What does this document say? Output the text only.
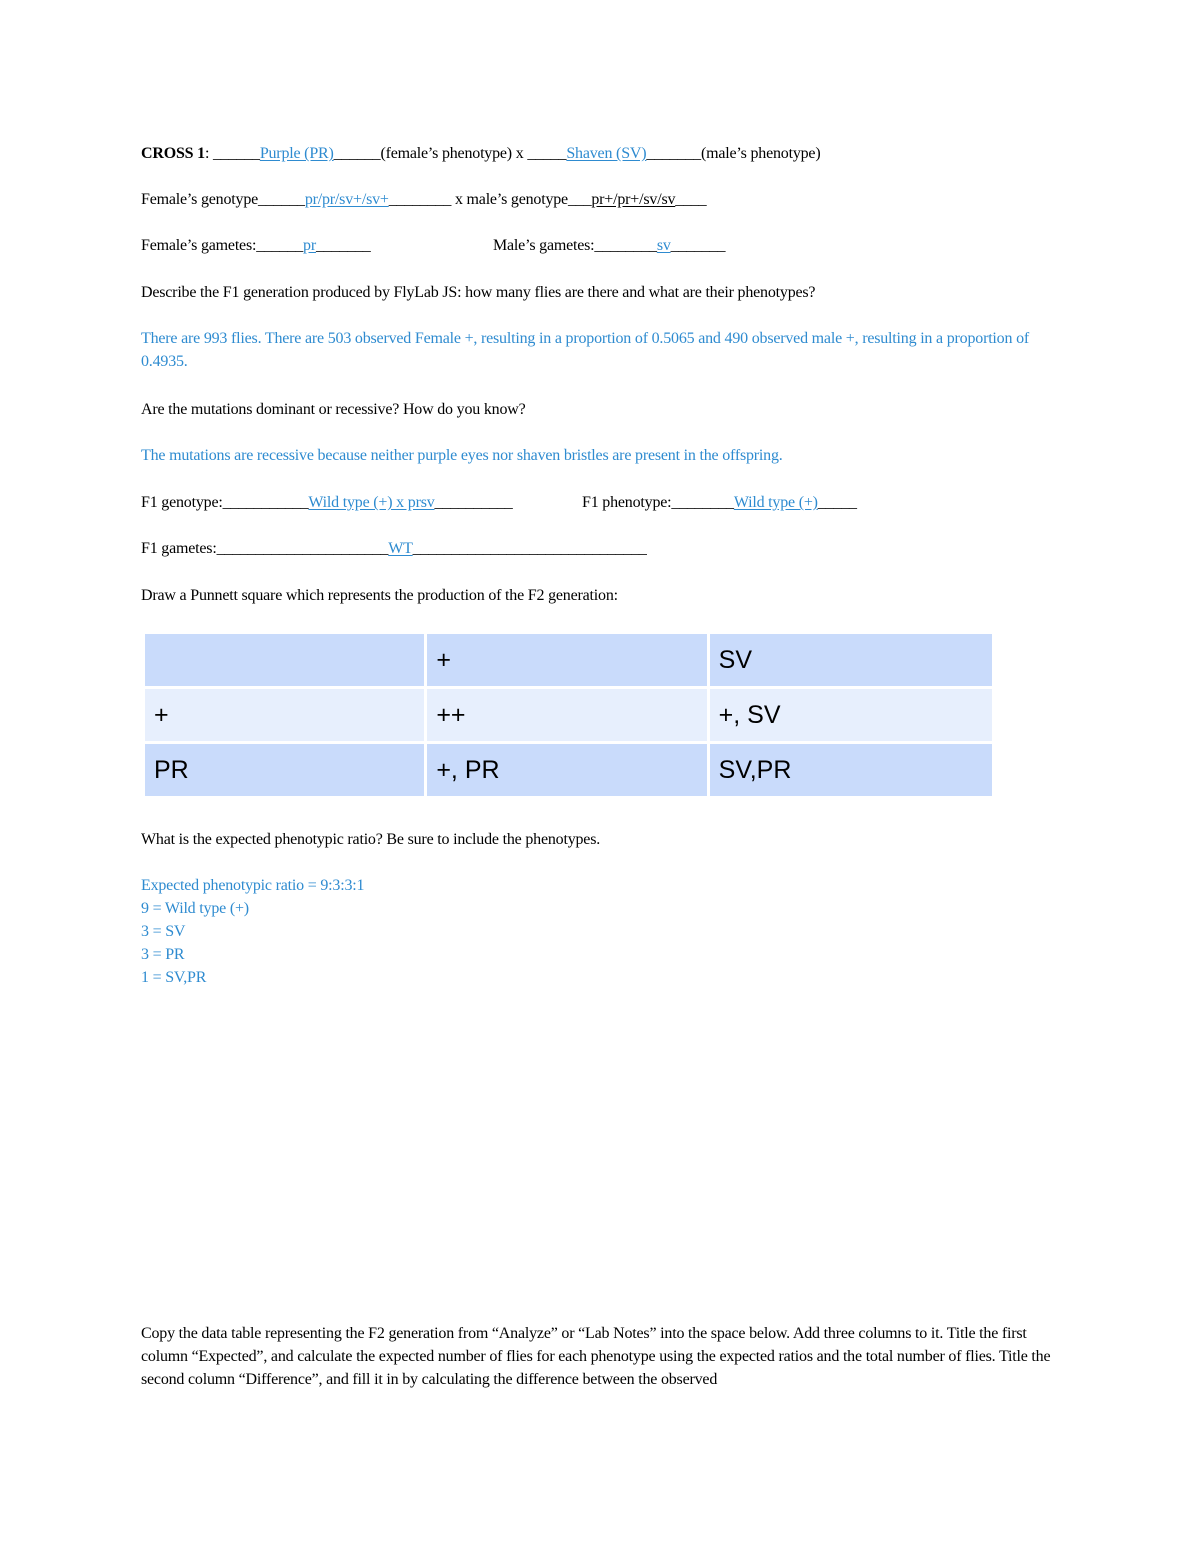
CROSS 1: ______Purple (PR)______(female’s phenotype) x _____Shaven (SV)_______(male’s phenotype)
Female’s genotype______pr/pr/sv+/sv+________ x male’s genotype___pr+/pr+/sv/sv____
Female’s gametes:______pr_______	Male’s gametes:________sv_______
Describe the F1 generation produced by FlyLab JS: how many flies are there and what are their phenotypes?
There are 993 flies. There are 503 observed Female +, resulting in a proportion of 0.5065 and 490 observed male +, resulting in a proportion of 0.4935.
Are the mutations dominant or recessive? How do you know?
The mutations are recessive because neither purple eyes nor shaven bristles are present in the offspring.
F1 genotype:___________Wild type (+) x prsv__________	F1 phenotype:________Wild type (+)_____
F1 gametes:______________________WT______________________________
Draw a Punnett square which represents the production of the F2 generation:
	+	SV
+	++	+, SV
PR	+, PR	SV,PR
What is the expected phenotypic ratio? Be sure to include the phenotypes.
Expected phenotypic ratio = 9:3:3:1
9 = Wild type (+)
3 = SV
3 = PR
1 = SV,PR
Copy the data table representing the F2 generation from “Analyze” or “Lab Notes” into the space below. Add three columns to it. Title the first column “Expected”, and calculate the expected number of flies for each phenotype using the expected ratios and the total number of flies. Title the second column “Difference”, and fill it in by calculating the difference between the observed
